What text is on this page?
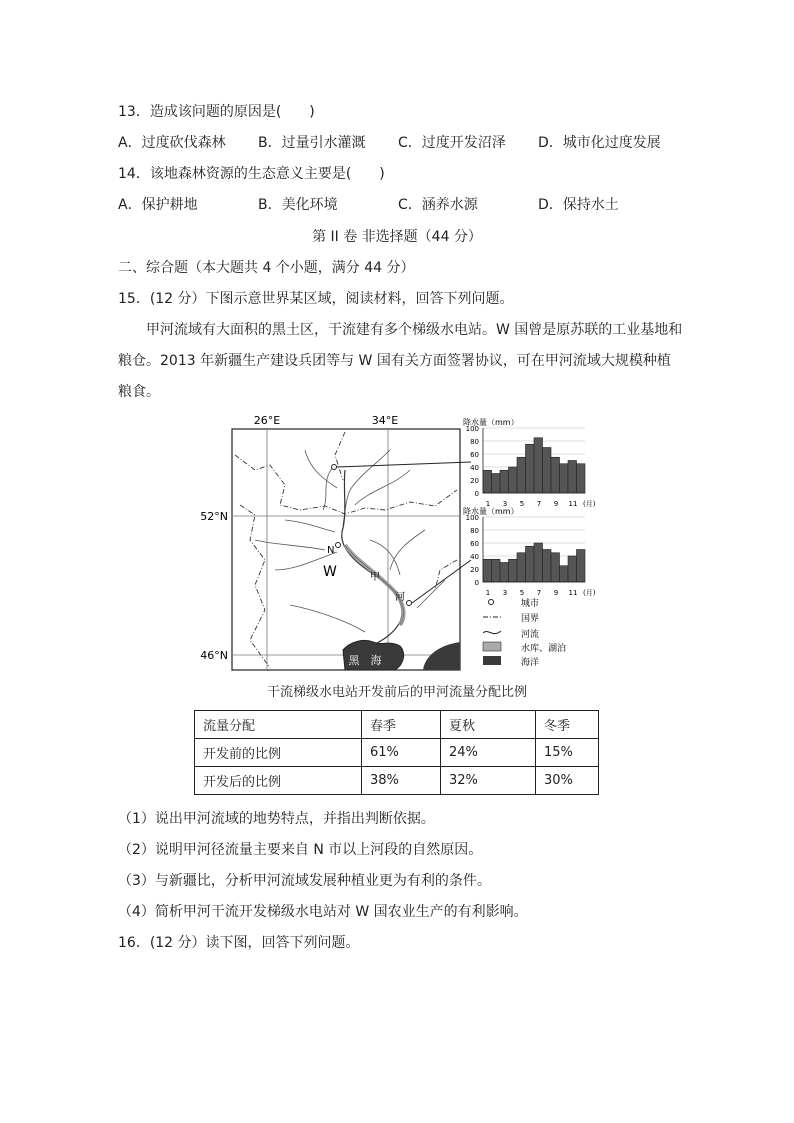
13．造成该问题的原因是(　　)
A．过度砍伐森林 B．过量引水灌溉 C．过度开发沼泽 D．城市化过度发展
14．该地森林资源的生态意义主要是(　　)
A．保护耕地	B．美化环境	C．涵养水源	D．保持水土
第 II 卷 非选择题（44 分）
二、综合题（本大题共 4 个小题，满分 44 分）
15．(12 分）下图示意世界某区域，阅读材料，回答下列问题。
甲河流域有大面积的黑土区，干流建有多个梯级水电站。W 国曾是原苏联的工业基地和粮仓。2013 年新疆生产建设兵团等与 W 国有关方面签署协议，可在甲河流域大规模种植粮食。
26°E	34°E
52°N
46°N	黑　海
N
W	甲
河
降水量（mm）
100
80
60
40
20
0
1 3 5 7 9 11 (月)
降水量（mm）
100
80
60
40
20
0
1 3 5 7 9 11 (月)
城市
国界
河流
水库、湖泊
海洋
干流梯级水电站开发前后的甲河流量分配比例
流量分配	春季	夏秋	冬季
开发前的比例	61%	24%	15%
开发后的比例	38%	32%	30%
（1）说出甲河流域的地势特点，并指出判断依据。
（2）说明甲河径流量主要来自 N 市以上河段的自然原因。
（3）与新疆比，分析甲河流域发展种植业更为有利的条件。
（4）简析甲河干流开发梯级水电站对 W 国农业生产的有利影响。
16．(12 分）读下图，回答下列问题。
